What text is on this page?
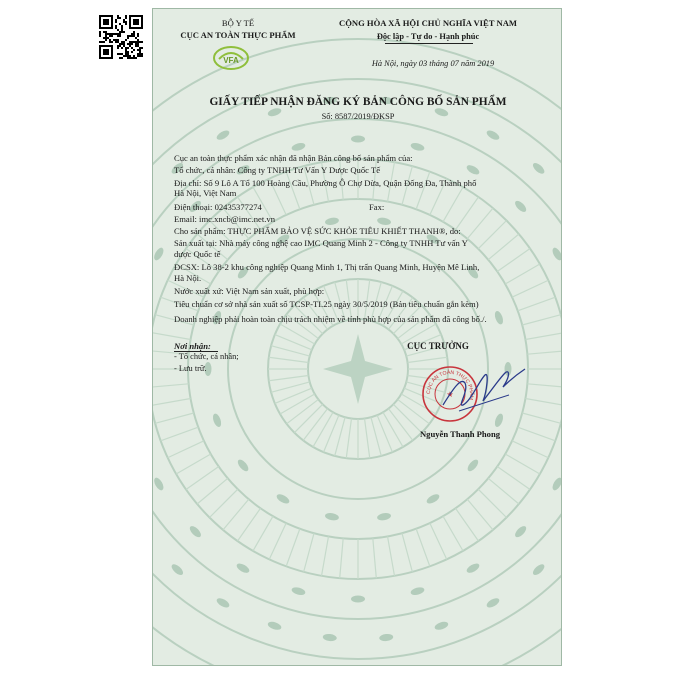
BỘ Y TẾ
CỤC AN TOÀN THỰC PHẨM
VFA
CỘNG HÒA XÃ HỘI CHỦ NGHĨA VIỆT NAM
Độc lập - Tự do - Hạnh phúc
Hà Nội, ngày 03 tháng 07 năm 2019
GIẤY TIẾP NHẬN ĐĂNG KÝ BẢN CÔNG BỐ SẢN PHẨM
Số: 8587/2019/ĐKSP
Cục an toàn thực phẩm xác nhận đã nhận Bản công bố sản phẩm của:
Tổ chức, cá nhân: Công ty TNHH Tư Vấn Y Dược Quốc Tế
Địa chỉ: Số 9 Lô A Tổ 100 Hoàng Cầu, Phường Ô Chợ Dừa, Quận Đống Đa, Thành phố
Hà Nội, Việt Nam
Điện thoại: 02435377274	Fax:
Email: imc.xncb@imc.net.vn
Cho sản phẩm: THỰC PHẨM BẢO VỆ SỨC KHỎE TIÊU KHIẾT THANH®, do:
Sản xuất tại: Nhà máy công nghệ cao IMC Quang Minh 2 - Công ty TNHH Tư vấn Y
dược Quốc tế
ĐCSX: Lô 38-2 khu công nghiệp Quang Minh 1, Thị trấn Quang Minh, Huyện Mê Linh,
Hà Nội.
Nước xuất xứ: Việt Nam sản xuất, phù hợp:
Tiêu chuẩn cơ sở nhà sản xuất số TCSP-TI.25 ngày 30/5/2019 (Bản tiêu chuẩn gắn kèm)
Doanh nghiệp phải hoàn toàn chịu trách nhiệm về tính phù hợp của sản phẩm đã công bố./.
Nơi nhận:
- Tổ chức, cá nhân;
- Lưu trữ.
CỤC TRƯỞNG
CỤC AN TOÀN THỰC PHẨM
★
Nguyễn Thanh Phong
